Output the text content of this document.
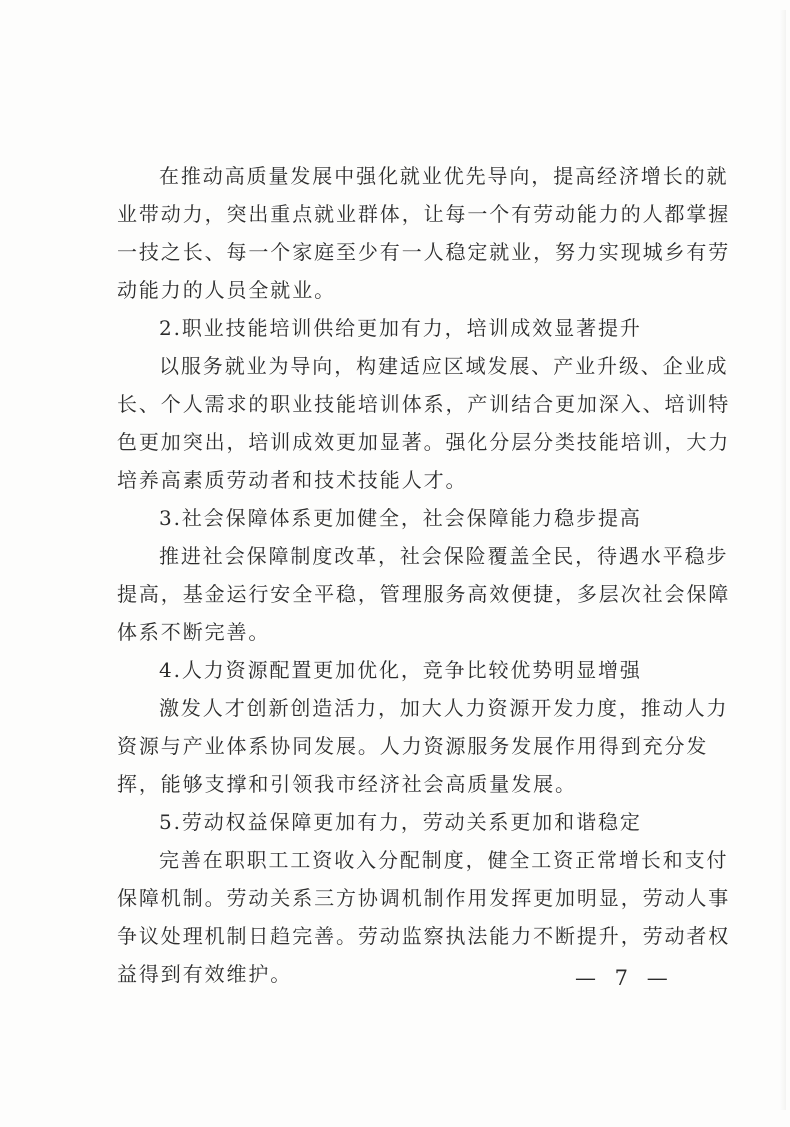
在推动高质量发展中强化就业优先导向，提高经济增长的就
业带动力，突出重点就业群体，让每一个有劳动能力的人都掌握
一技之长、每一个家庭至少有一人稳定就业，努力实现城乡有劳
动能力的人员全就业。
2.职业技能培训供给更加有力，培训成效显著提升
以服务就业为导向，构建适应区域发展、产业升级、企业成
长、个人需求的职业技能培训体系，产训结合更加深入、培训特
色更加突出，培训成效更加显著。强化分层分类技能培训，大力
培养高素质劳动者和技术技能人才。
3.社会保障体系更加健全，社会保障能力稳步提高
推进社会保障制度改革，社会保险覆盖全民，待遇水平稳步
提高，基金运行安全平稳，管理服务高效便捷，多层次社会保障
体系不断完善。
4.人力资源配置更加优化，竞争比较优势明显增强
激发人才创新创造活力，加大人力资源开发力度，推动人力
资源与产业体系协同发展。人力资源服务发展作用得到充分发
挥，能够支撑和引领我市经济社会高质量发展。
5.劳动权益保障更加有力，劳动关系更加和谐稳定
完善在职职工工资收入分配制度，健全工资正常增长和支付
保障机制。劳动关系三方协调机制作用发挥更加明显，劳动人事
争议处理机制日趋完善。劳动监察执法能力不断提升，劳动者权
益得到有效维护。	— 7 —
